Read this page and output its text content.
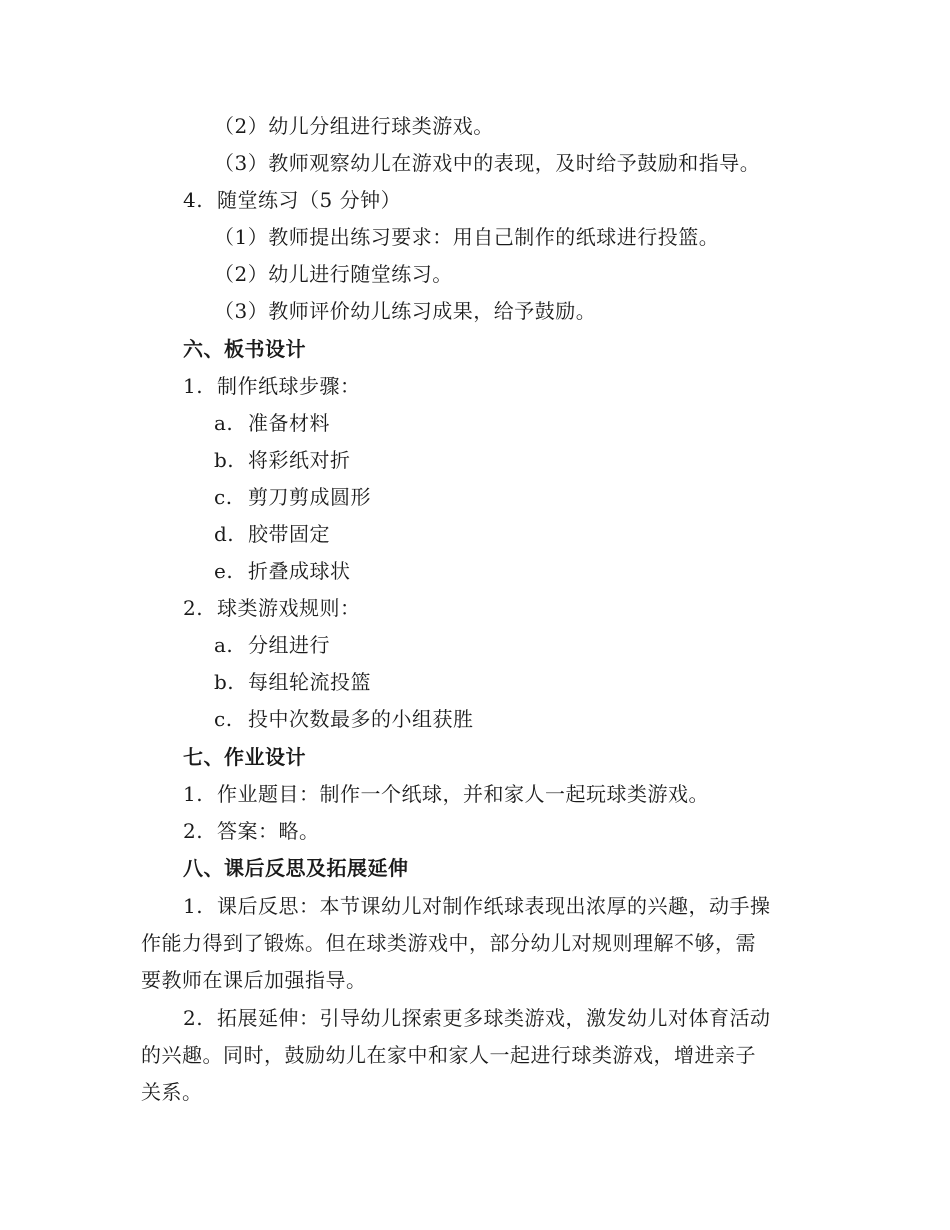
（2）幼儿分组进行球类游戏。
（3）教师观察幼儿在游戏中的表现，及时给予鼓励和指导。
4. 随堂练习（5 分钟）
（1）教师提出练习要求：用自己制作的纸球进行投篮。
（2）幼儿进行随堂练习。
（3）教师评价幼儿练习成果，给予鼓励。
六、板书设计
1. 制作纸球步骤：
a. 准备材料
b. 将彩纸对折
c. 剪刀剪成圆形
d. 胶带固定
e. 折叠成球状
2. 球类游戏规则：
a. 分组进行
b. 每组轮流投篮
c. 投中次数最多的小组获胜
七、作业设计
1. 作业题目：制作一个纸球，并和家人一起玩球类游戏。
2. 答案：略。
八、课后反思及拓展延伸
1. 课后反思：本节课幼儿对制作纸球表现出浓厚的兴趣，动手操
作能力得到了锻炼。但在球类游戏中，部分幼儿对规则理解不够，需
要教师在课后加强指导。
2. 拓展延伸：引导幼儿探索更多球类游戏，激发幼儿对体育活动
的兴趣。同时，鼓励幼儿在家中和家人一起进行球类游戏，增进亲子
关系。
